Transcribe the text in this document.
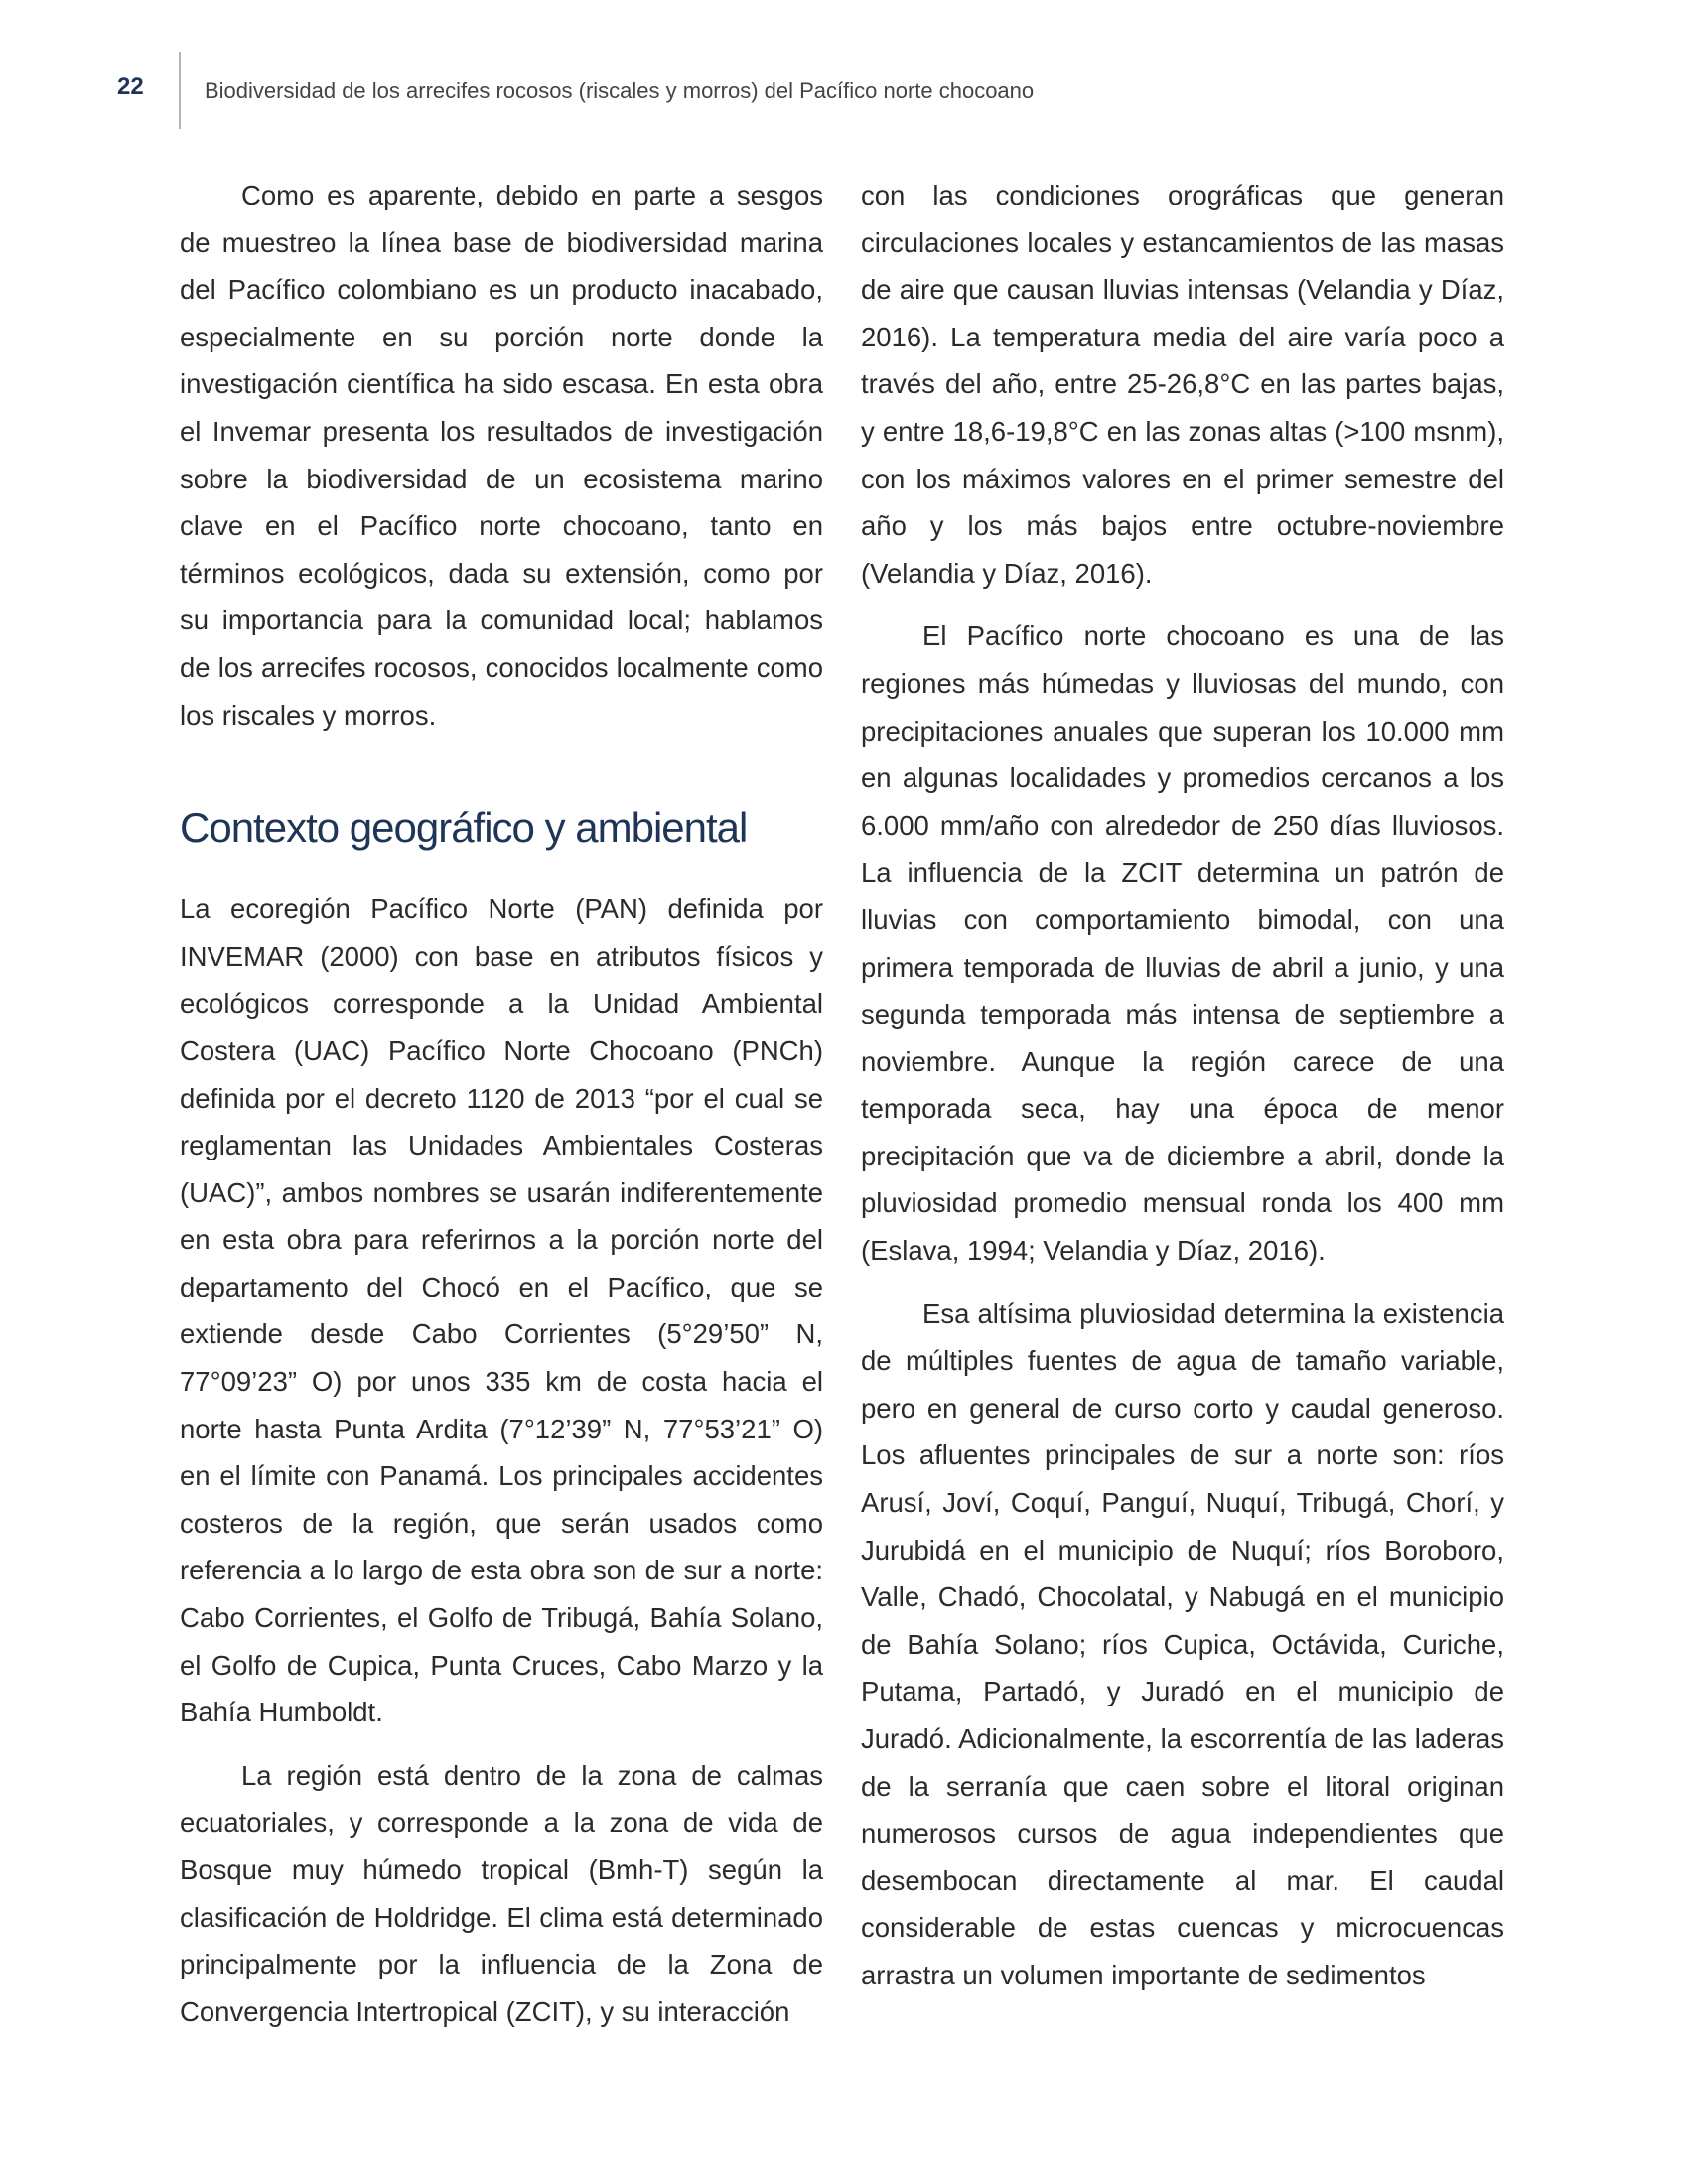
22	Biodiversidad de los arrecifes rocosos (riscales y morros) del Pacífico norte chocoano

Como es aparente, debido en parte a sesgos de muestreo la línea base de biodiversidad marina del Pacífico colombiano es un producto inacabado, especialmente en su porción norte donde la investigación científica ha sido escasa. En esta obra el Invemar presenta los resultados de investigación sobre la biodiversidad de un ecosistema marino clave en el Pacífico norte chocoano, tanto en términos ecológicos, dada su extensión, como por su importancia para la comunidad local; hablamos de los arrecifes rocosos, conocidos localmente como los riscales y morros.

Contexto geográfico y ambiental

La ecoregión Pacífico Norte (PAN) definida por INVEMAR (2000) con base en atributos físicos y ecológicos corresponde a la Unidad Ambiental Costera (UAC) Pacífico Norte Chocoano (PNCh) definida por el decreto 1120 de 2013 “por el cual se reglamentan las Unidades Ambientales Costeras (UAC)”, ambos nombres se usarán indiferentemente en esta obra para referirnos a la porción norte del departamento del Chocó en el Pacífico, que se extiende desde Cabo Corrientes (5°29’50” N, 77°09’23” O) por unos 335 km de costa hacia el norte hasta Punta Ardita (7°12’39” N, 77°53’21” O) en el límite con Panamá. Los principales accidentes costeros de la región, que serán usados como referencia a lo largo de esta obra son de sur a norte: Cabo Corrientes, el Golfo de Tribugá, Bahía Solano, el Golfo de Cupica, Punta Cruces, Cabo Marzo y la Bahía Humboldt.

La región está dentro de la zona de calmas ecuatoriales, y corresponde a la zona de vida de Bosque muy húmedo tropical (Bmh-T) según la clasificación de Holdridge. El clima está determinado principalmente por la influencia de la Zona de Convergencia Intertropical (ZCIT), y su interacción

con las condiciones orográficas que generan circulaciones locales y estancamientos de las masas de aire que causan lluvias intensas (Velandia y Díaz, 2016). La temperatura media del aire varía poco a través del año, entre 25-26,8°C en las partes bajas, y entre 18,6-19,8°C en las zonas altas (>100 msnm), con los máximos valores en el primer semestre del año y los más bajos entre octubre-noviembre (Velandia y Díaz, 2016).

El Pacífico norte chocoano es una de las regiones más húmedas y lluviosas del mundo, con precipitaciones anuales que superan los 10.000 mm en algunas localidades y promedios cercanos a los 6.000 mm/año con alrededor de 250 días lluviosos. La influencia de la ZCIT determina un patrón de lluvias con comportamiento bimodal, con una primera temporada de lluvias de abril a junio, y una segunda temporada más intensa de septiembre a noviembre. Aunque la región carece de una temporada seca, hay una época de menor precipitación que va de diciembre a abril, donde la pluviosidad promedio mensual ronda los 400 mm (Eslava, 1994; Velandia y Díaz, 2016).

Esa altísima pluviosidad determina la existencia de múltiples fuentes de agua de tamaño variable, pero en general de curso corto y caudal generoso. Los afluentes principales de sur a norte son: ríos Arusí, Joví, Coquí, Panguí, Nuquí, Tribugá, Chorí, y Jurubidá en el municipio de Nuquí; ríos Boroboro, Valle, Chadó, Chocolatal, y Nabugá en el municipio de Bahía Solano; ríos Cupica, Octávida, Curiche, Putama, Partadó, y Juradó en el municipio de Juradó. Adicionalmente, la escorrentía de las laderas de la serranía que caen sobre el litoral originan numerosos cursos de agua independientes que desembocan directamente al mar. El caudal considerable de estas cuencas y microcuencas arrastra un volumen importante de sedimentos
